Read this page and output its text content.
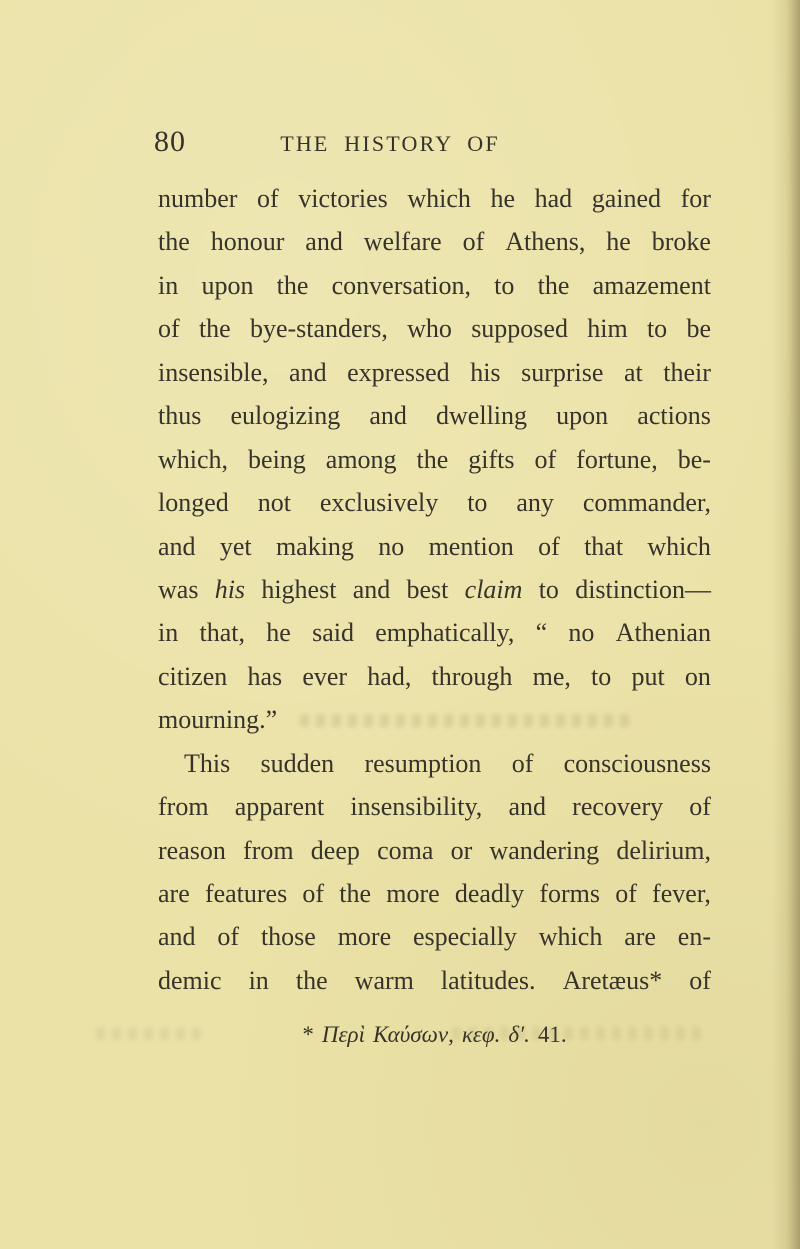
80	THE HISTORY OF
number of victories which he had gained for
the honour and welfare of Athens, he broke
in upon the conversation, to the amazement
of the bye-standers, who supposed him to be
insensible, and expressed his surprise at their
thus eulogizing and dwelling upon actions
which, being among the gifts of fortune, be-
longed not exclusively to any commander,
and yet making no mention of that which
was his highest and best claim to distinction—
in that, he said emphatically, “ no Athenian
citizen has ever had, through me, to put on
mourning.”
This sudden resumption of consciousness
from apparent insensibility, and recovery of
reason from deep coma or wandering delirium,
are features of the more deadly forms of fever,
and of those more especially which are en-
demic in the warm latitudes. Aretæus* of
* Περὶ Καύσων, κεφ. δ′. 41.
